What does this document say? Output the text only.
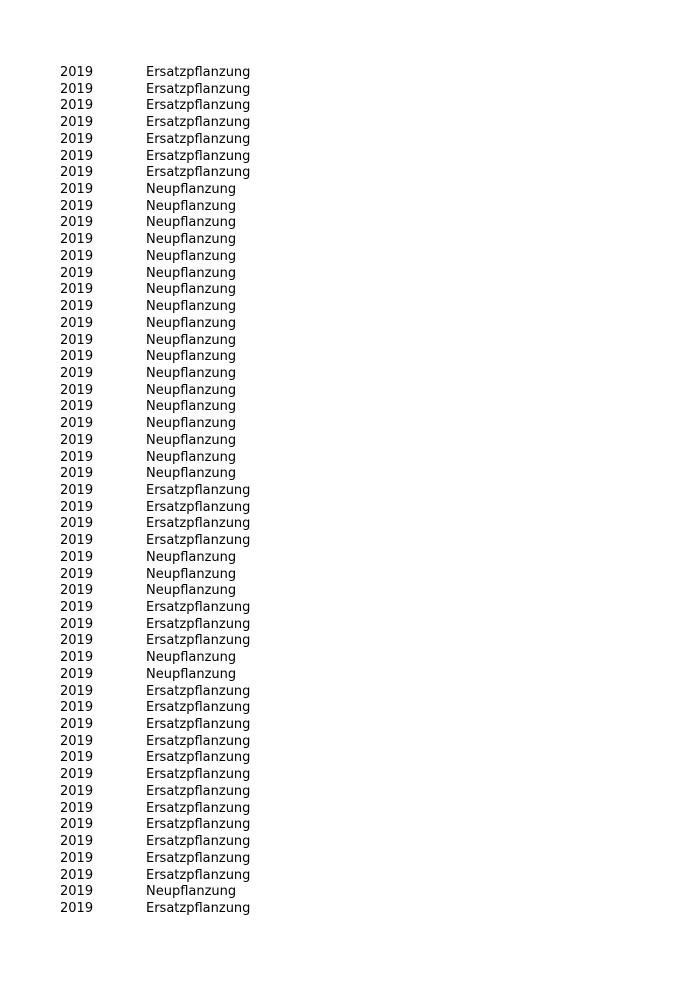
2019	Ersatzpflanzung
2019	Ersatzpflanzung
2019	Ersatzpflanzung
2019	Ersatzpflanzung
2019	Ersatzpflanzung
2019	Ersatzpflanzung
2019	Ersatzpflanzung
2019	Neupflanzung
2019	Neupflanzung
2019	Neupflanzung
2019	Neupflanzung
2019	Neupflanzung
2019	Neupflanzung
2019	Neupflanzung
2019	Neupflanzung
2019	Neupflanzung
2019	Neupflanzung
2019	Neupflanzung
2019	Neupflanzung
2019	Neupflanzung
2019	Neupflanzung
2019	Neupflanzung
2019	Neupflanzung
2019	Neupflanzung
2019	Neupflanzung
2019	Ersatzpflanzung
2019	Ersatzpflanzung
2019	Ersatzpflanzung
2019	Ersatzpflanzung
2019	Neupflanzung
2019	Neupflanzung
2019	Neupflanzung
2019	Ersatzpflanzung
2019	Ersatzpflanzung
2019	Ersatzpflanzung
2019	Neupflanzung
2019	Neupflanzung
2019	Ersatzpflanzung
2019	Ersatzpflanzung
2019	Ersatzpflanzung
2019	Ersatzpflanzung
2019	Ersatzpflanzung
2019	Ersatzpflanzung
2019	Ersatzpflanzung
2019	Ersatzpflanzung
2019	Ersatzpflanzung
2019	Ersatzpflanzung
2019	Ersatzpflanzung
2019	Ersatzpflanzung
2019	Neupflanzung
2019	Ersatzpflanzung
